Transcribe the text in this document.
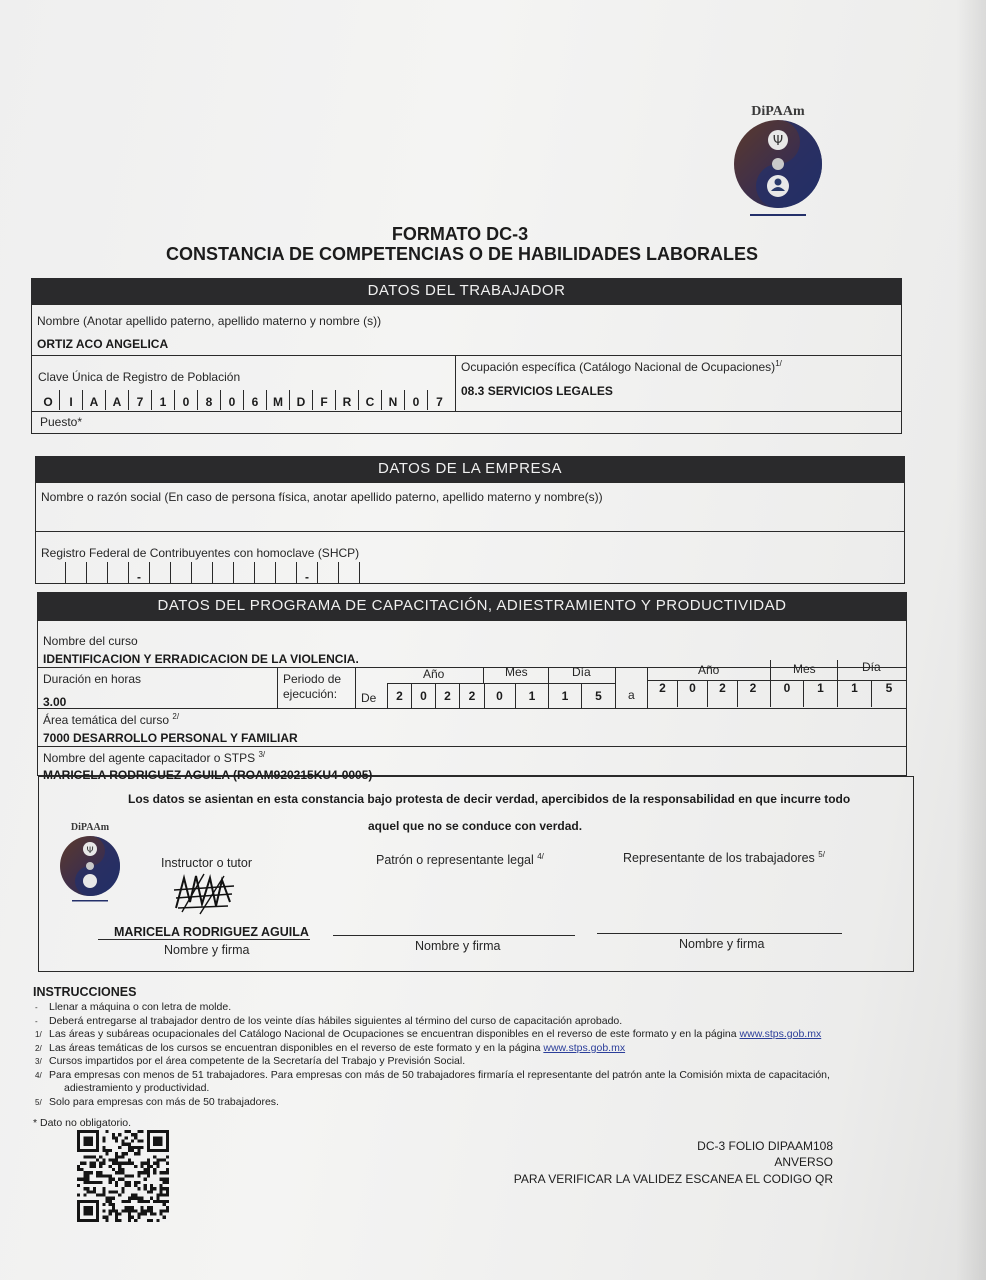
DiPAAm
Ψ
FORMATO DC-3
CONSTANCIA DE COMPETENCIAS O DE HABILIDADES LABORALES
DATOS DEL TRABAJADOR
Nombre (Anotar apellido paterno, apellido materno y nombre (s))
ORTIZ ACO ANGELICA
Clave Única de Registro de Población
Ocupación específica (Catálogo Nacional de Ocupaciones)$^{1/}$
08.3 SERVICIOS LEGALES
O	I	A	A	7	1	0	8	0	6	M	D	F	R	C	N	0	7
Puesto*
DATOS DE LA EMPRESA
Nombre o razón social (En caso de persona física, anotar apellido paterno, apellido materno y nombre(s))
Registro Federal de Contribuyentes con homoclave (SHCP)
-	-
DATOS DEL PROGRAMA DE CAPACITACIÓN, ADIESTRAMIENTO Y PRODUCTIVIDAD
Nombre del curso
IDENTIFICACION Y ERRADICACION DE LA VIOLENCIA.
Duración en horas
3.00
Periodo de
ejecución:	De
Año	Mes	Día
2	0	2	2	0	1	1	5	a
Año	Mes	Día
2	0	2	2	0	1	1	5
Área temática del curso $^{2/}$
7000 DESARROLLO PERSONAL Y FAMILIAR
Nombre del agente capacitador o STPS $^{3/}$
MARICELA RODRIGUEZ AGUILA (ROAM920215KU4-0005)
Los datos se asientan en esta constancia bajo protesta de decir verdad, apercibidos de la responsabilidad en que incurre todo
aquel que no se conduce con verdad.
DiPAAm
Ψ
Instructor o tutor
MARICELA RODRIGUEZ AGUILA
Nombre y firma
Patrón o representante legal $^{4/}$
Nombre y firma
Representante de los trabajadores $^{5/}$
Nombre y firma
INSTRUCCIONES
- Llenar a máquina o con letra de molde.
- Deberá entregarse al trabajador dentro de los veinte días hábiles siguientes al término del curso de capacitación aprobado.
1/ Las áreas y subáreas ocupacionales del Catálogo Nacional de Ocupaciones se encuentran disponibles en el reverso de este formato y en la página www.stps.gob.mx
2/ Las áreas temáticas de los cursos se encuentran disponibles en el reverso de este formato y en la página www.stps.gob.mx
3/ Cursos impartidos por el área competente de la Secretaría del Trabajo y Previsión Social.
4/ Para empresas con menos de 51 trabajadores. Para empresas con más de 50 trabajadores firmaría el representante del patrón ante la Comisión mixta de capacitación,
adiestramiento y productividad.
5/ Solo para empresas con más de 50 trabajadores.
* Dato no obligatorio.
DC-3 FOLIO DIPAAM108
ANVERSO
PARA VERIFICAR LA VALIDEZ ESCANEA EL CODIGO QR
